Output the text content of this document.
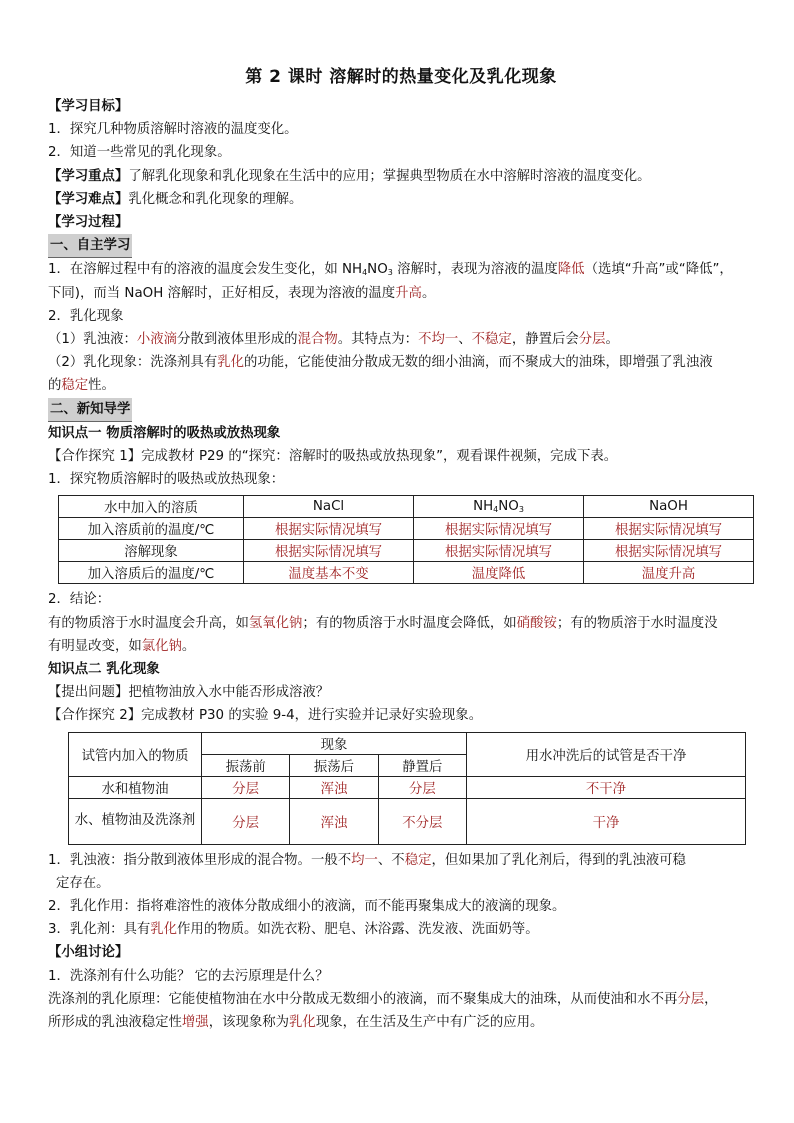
第 2 课时 溶解时的热量变化及乳化现象
【学习目标】
1．探究几种物质溶解时溶液的温度变化。
2．知道一些常见的乳化现象。
【学习重点】了解乳化现象和乳化现象在生活中的应用；掌握典型物质在水中溶解时溶液的温度变化。
【学习难点】乳化概念和乳化现象的理解。
【学习过程】
一、自主学习
1．在溶解过程中有的溶液的温度会发生变化，如 $NH_4NO_3$ 溶解时，表现为溶液的温度降低（选填“升高”或“降低”，
下同)，而当 NaOH 溶解时，正好相反，表现为溶液的温度升高。
2．乳化现象
（1）乳浊液：小液滴分散到液体里形成的混合物。其特点为：不均一、不稳定，静置后会分层。
（2）乳化现象：洗涤剂具有乳化的功能，它能使油分散成无数的细小油滴，而不聚成大的油珠，即增强了乳浊液
的稳定性。
二、新知导学
知识点一 物质溶解时的吸热或放热现象
【合作探究 1】完成教材 P29 的“探究：溶解时的吸热或放热现象”，观看课件视频，完成下表。
1．探究物质溶解时的吸热或放热现象：
水中加入的溶质	NaCl	$NH_4NO_3$	NaOH
加入溶质前的温度/℃	根据实际情况填写	根据实际情况填写	根据实际情况填写
溶解现象	根据实际情况填写	根据实际情况填写	根据实际情况填写
加入溶质后的温度/℃	温度基本不变	温度降低	温度升高
2．结论：
有的物质溶于水时温度会升高，如氢氧化钠；有的物质溶于水时温度会降低，如硝酸铵；有的物质溶于水时温度没
有明显改变，如氯化钠。
知识点二 乳化现象
【提出问题】把植物油放入水中能否形成溶液？
【合作探究 2】完成教材 P30 的实验 9-4，进行实验并记录好实验现象。
试管内加入的物质	现象			用水冲洗后的试管是否干净
	振荡前	振荡后	静置后	
水和植物油	分层	浑浊	分层	不干净
水、植物油及洗涤剂	分层	浑浊	不分层	干净
1．乳浊液：指分散到液体里形成的混合物。一般不均一、不稳定，但如果加了乳化剂后，得到的乳浊液可稳
定存在。
2．乳化作用：指将难溶性的液体分散成细小的液滴，而不能再聚集成大的液滴的现象。
3．乳化剂：具有乳化作用的物质。如洗衣粉、肥皂、沐浴露、洗发液、洗面奶等。
【小组讨论】
1．洗涤剂有什么功能？ 它的去污原理是什么？
洗涤剂的乳化原理：它能使植物油在水中分散成无数细小的液滴，而不聚集成大的油珠，从而使油和水不再分层，
所形成的乳浊液稳定性增强，该现象称为乳化现象，在生活及生产中有广泛的应用。
